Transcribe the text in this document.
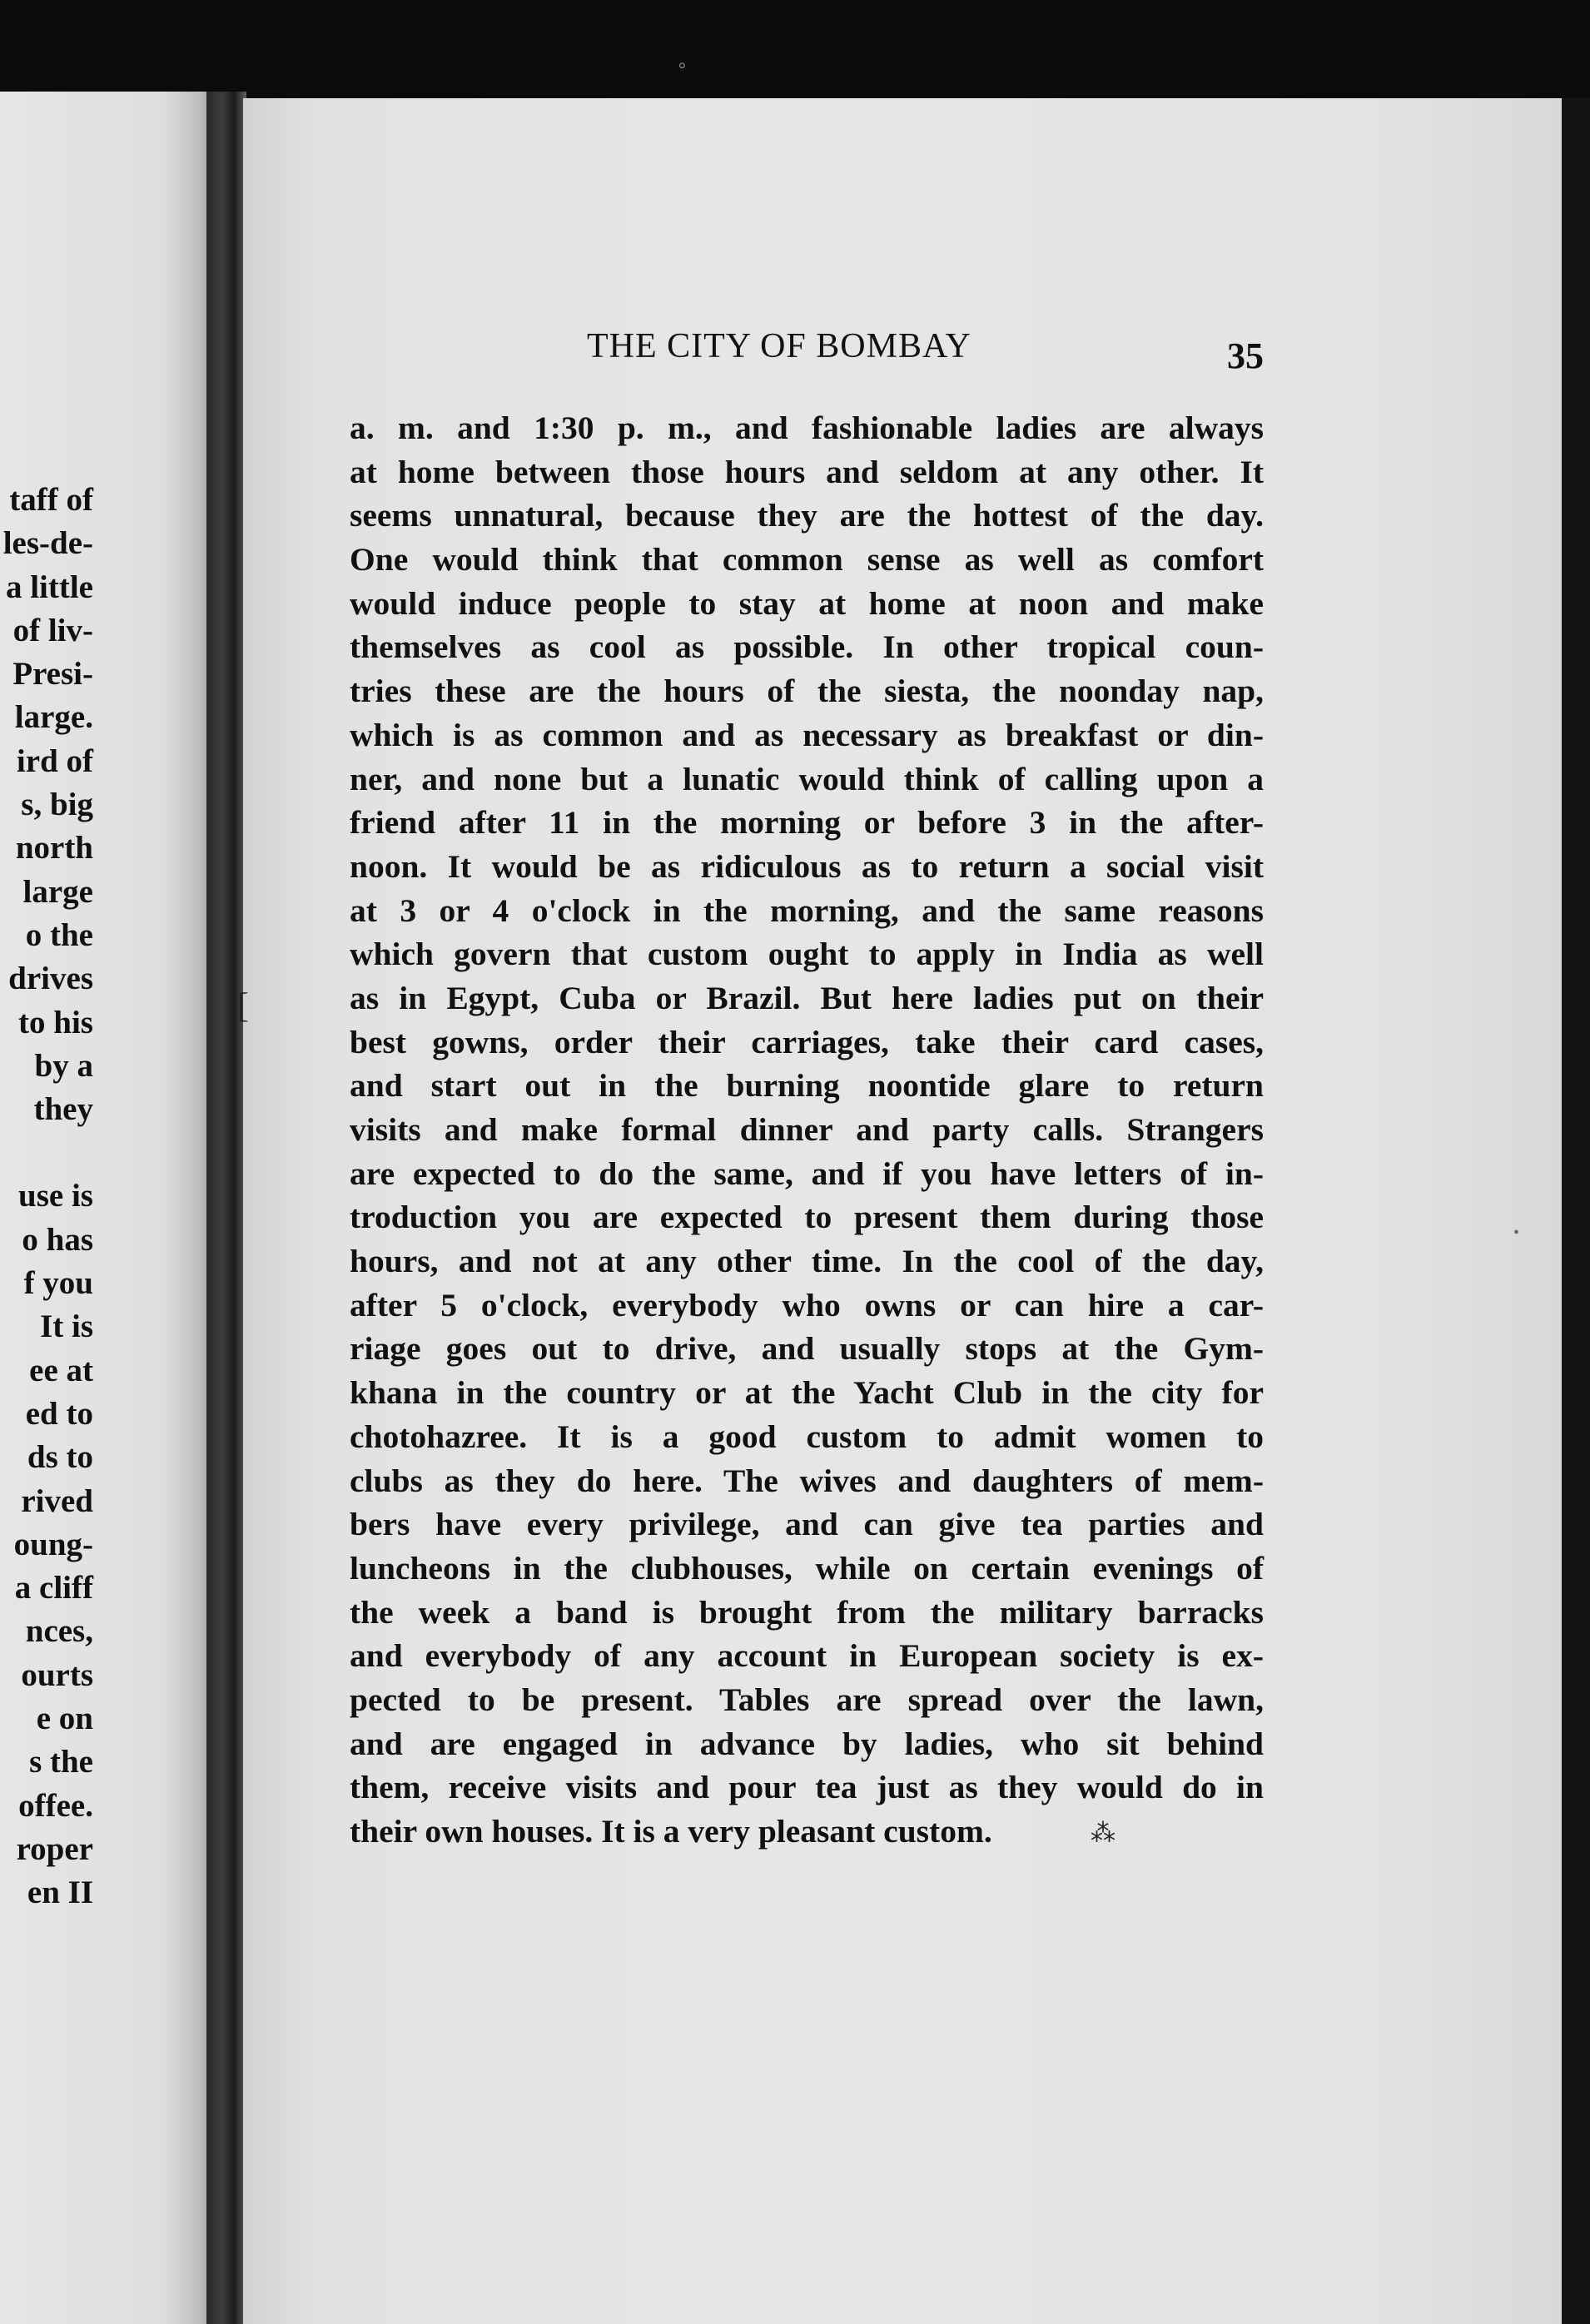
taff of
les-de-
a little
of liv-
Presi-
large.
ird of
s, big
north
large
o the
drives
to his
by a
they
use is
o has
f you
It is
ee at
ed to
ds to
rived
oung-
a cliff
nces,
ourts
e on
s the
offee.
roper
en II
°
[
•
THE CITY OF BOMBAY	35
a. m. and 1:30 p. m., and fashionable ladies are always
at home between those hours and seldom at any other. It
seems unnatural, because they are the hottest of the day.
One would think that common sense as well as comfort
would induce people to stay at home at noon and make
themselves as cool as possible. In other tropical coun-
tries these are the hours of the siesta, the noonday nap,
which is as common and as necessary as breakfast or din-
ner, and none but a lunatic would think of calling upon a
friend after 11 in the morning or before 3 in the after-
noon. It would be as ridiculous as to return a social visit
at 3 or 4 o'clock in the morning, and the same reasons
which govern that custom ought to apply in India as well
as in Egypt, Cuba or Brazil. But here ladies put on their
best gowns, order their carriages, take their card cases,
and start out in the burning noontide glare to return
visits and make formal dinner and party calls. Strangers
are expected to do the same, and if you have letters of in-
troduction you are expected to present them during those
hours, and not at any other time. In the cool of the day,
after 5 o'clock, everybody who owns or can hire a car-
riage goes out to drive, and usually stops at the Gym-
khana in the country or at the Yacht Club in the city for
chotohazree. It is a good custom to admit women to
clubs as they do here. The wives and daughters of mem-
bers have every privilege, and can give tea parties and
luncheons in the clubhouses, while on certain evenings of
the week a band is brought from the military barracks
and everybody of any account in European society is ex-
pected to be present. Tables are spread over the lawn,
and are engaged in advance by ladies, who sit behind
them, receive visits and pour tea just as they would do in
their own houses. It is a very pleasant custom.	⁂
